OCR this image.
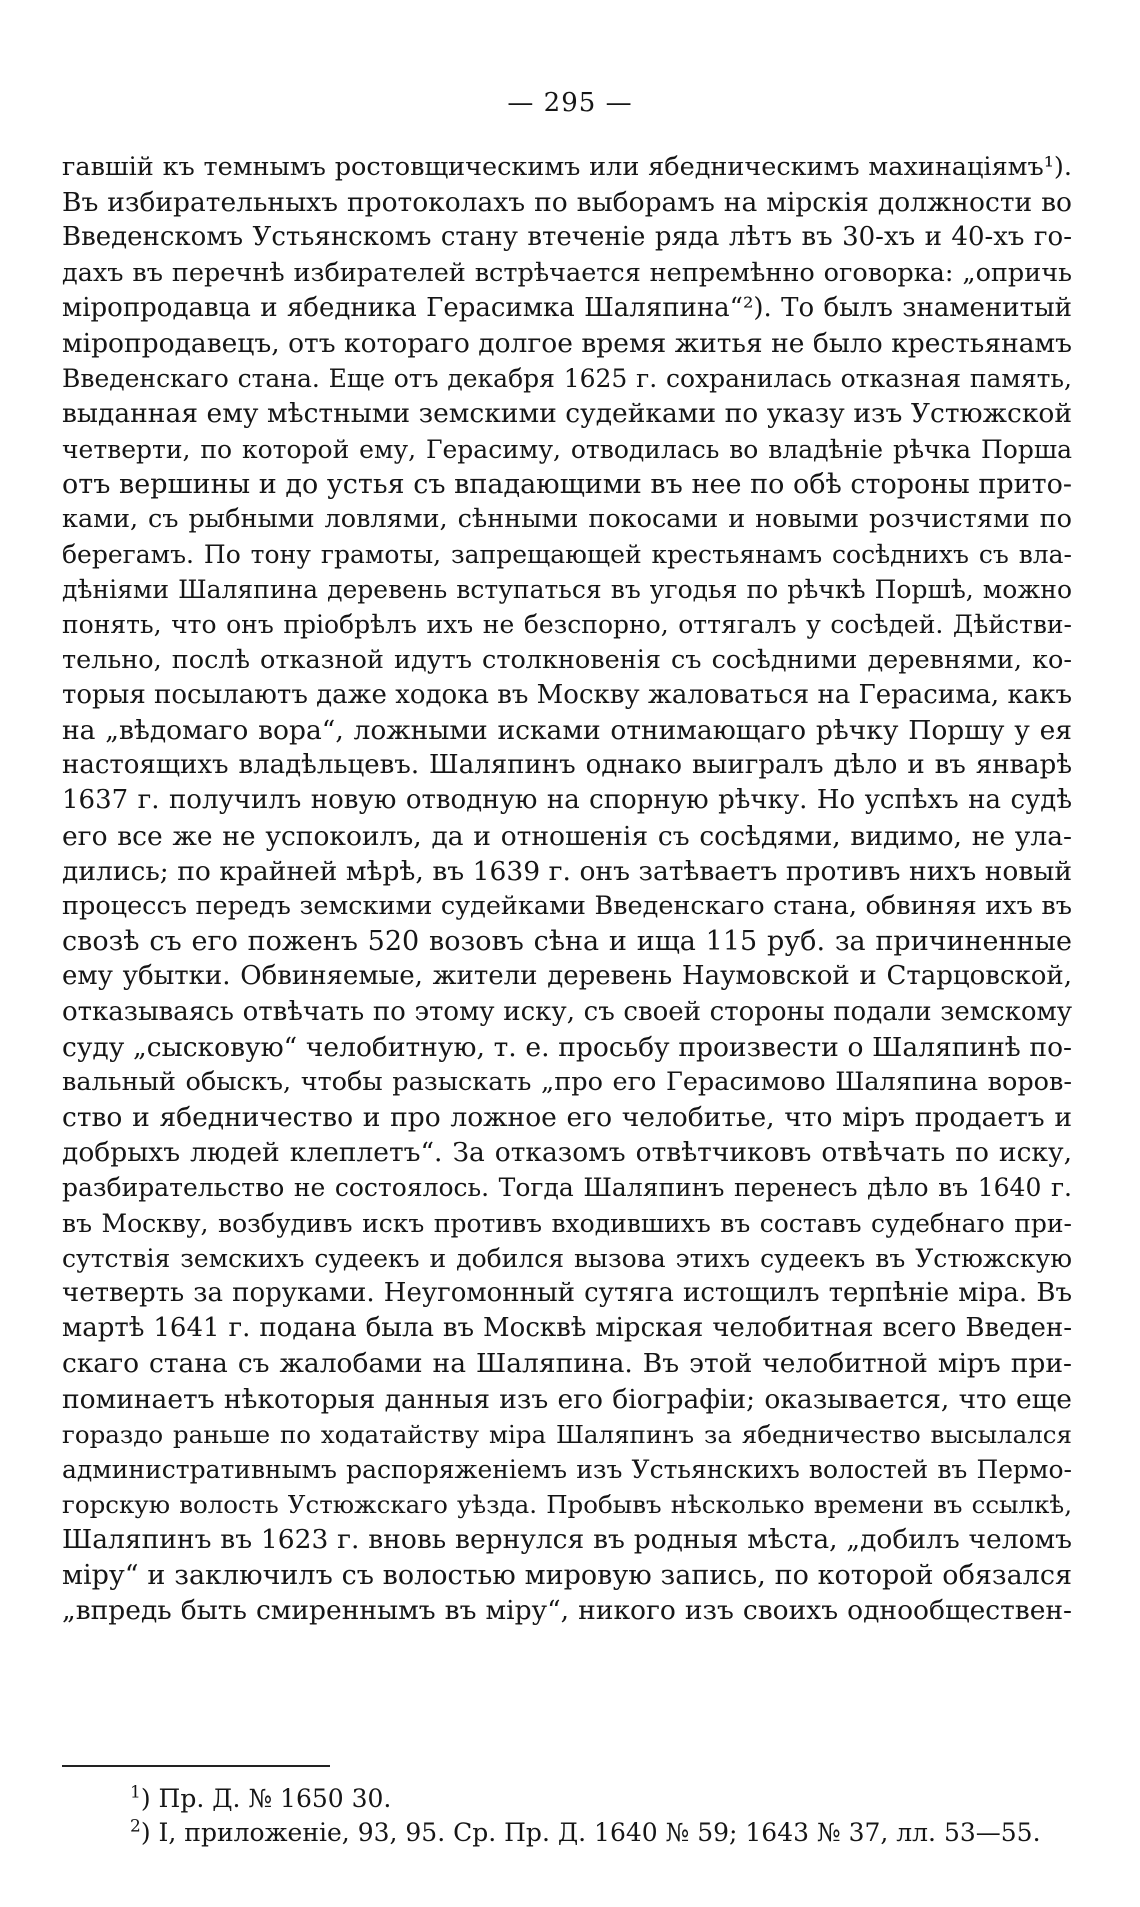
— 295 —
гавшій къ темнымъ ростовщическимъ или ябедническимъ махинаціямъ¹).
Въ избирательныхъ протоколахъ по выборамъ на мірскія должности во
Введенскомъ Устьянскомъ стану втеченіе ряда лѣтъ въ 30-хъ и 40-хъ го-
дахъ въ перечнѣ избирателей встрѣчается непремѣнно оговорка: „опричь
міропродавца и ябедника Герасимка Шаляпина“²). То былъ знаменитый
міропродавецъ, отъ котораго долгое время житья не было крестьянамъ
Введенскаго стана. Еще отъ декабря 1625 г. сохранилась отказная память,
выданная ему мѣстными земскими судейками по указу изъ Устюжской
четверти, по которой ему, Герасиму, отводилась во владѣніе рѣчка Порша
отъ вершины и до устья съ впадающими въ нее по обѣ стороны прито-
ками, съ рыбными ловлями, сѣнными покосами и новыми розчистями по
берегамъ. По тону грамоты, запрещающей крестьянамъ сосѣднихъ съ вла-
дѣніями Шаляпина деревень вступаться въ угодья по рѣчкѣ Поршѣ, можно
понять, что онъ пріобрѣлъ ихъ не безспорно, оттягалъ у сосѣдей. Дѣйстви-
тельно, послѣ отказной идутъ столкновенія съ сосѣдними деревнями, ко-
торыя посылаютъ даже ходока въ Москву жаловаться на Герасима, какъ
на „вѣдомаго вора“, ложными исками отнимающаго рѣчку Поршу у ея
настоящихъ владѣльцевъ. Шаляпинъ однако выигралъ дѣло и въ январѣ
1637 г. получилъ новую отводную на спорную рѣчку. Но успѣхъ на судѣ
его все же не успокоилъ, да и отношенія съ сосѣдями, видимо, не ула-
дились; по крайней мѣрѣ, въ 1639 г. онъ затѣваетъ противъ нихъ новый
процессъ передъ земскими судейками Введенскаго стана, обвиняя ихъ въ
свозѣ съ его поженъ 520 возовъ сѣна и ища 115 руб. за причиненные
ему убытки. Обвиняемые, жители деревень Наумовской и Старцовской,
отказываясь отвѣчать по этому иску, съ своей стороны подали земскому
суду „сысковую“ челобитную, т. е. просьбу произвести о Шаляпинѣ по-
вальный обыскъ, чтобы разыскать „про его Герасимово Шаляпина воров-
ство и ябедничество и про ложное его челобитье, что міръ продаетъ и
добрыхъ людей клеплетъ“. За отказомъ отвѣтчиковъ отвѣчать по иску,
разбирательство не состоялось. Тогда Шаляпинъ перенесъ дѣло въ 1640 г.
въ Москву, возбудивъ искъ противъ входившихъ въ составъ судебнаго при-
сутствія земскихъ судеекъ и добился вызова этихъ судеекъ въ Устюжскую
четверть за поруками. Неугомонный сутяга истощилъ терпѣніе міра. Въ
мартѣ 1641 г. подана была въ Москвѣ мірская челобитная всего Введен-
скаго стана съ жалобами на Шаляпина. Въ этой челобитной міръ при-
поминаетъ нѣкоторыя данныя изъ его біографіи; оказывается, что еще
гораздо раньше по ходатайству міра Шаляпинъ за ябедничество высылался
административнымъ распоряженіемъ изъ Устьянскихъ волостей въ Пермо-
горскую волость Устюжскаго уѣзда. Пробывъ нѣсколько времени въ ссылкѣ,
Шаляпинъ въ 1623 г. вновь вернулся въ родныя мѣста, „добилъ челомъ
міру“ и заключилъ съ волостью мировую запись, по которой обязался
„впредь быть смиреннымъ въ міру“, никого изъ своихъ однообществен-
$^1$) Пр. Д. № 1650 30.
$^2$) I, приложеніе, 93, 95. Ср. Пр. Д. 1640 № 59; 1643 № 37, лл. 53—55.
